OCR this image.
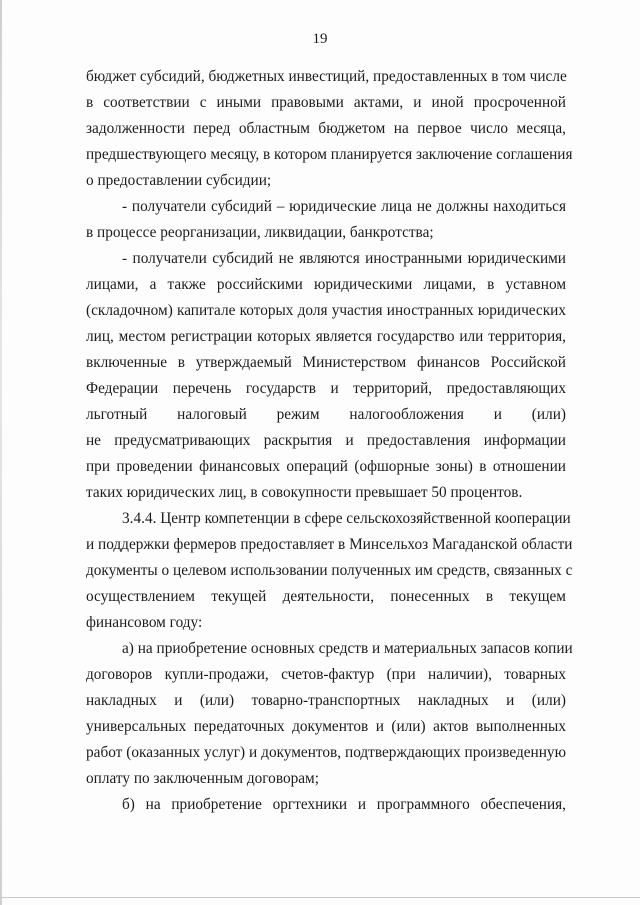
19
бюджет субсидий, бюджетных инвестиций, предоставленных в том числе
в соответствии с иными правовыми актами, и иной просроченной
задолженности перед областным бюджетом на первое число месяца,
предшествующего месяцу, в котором планируется заключение соглашения
о предоставлении субсидии;
- получатели субсидий – юридические лица не должны находиться
в процессе реорганизации, ликвидации, банкротства;
- получатели субсидий не являются иностранными юридическими
лицами, а также российскими юридическими лицами, в уставном
(складочном) капитале которых доля участия иностранных юридических
лиц, местом регистрации которых является государство или территория,
включенные в утверждаемый Министерством финансов Российской
Федерации перечень государств и территорий, предоставляющих
льготный налоговый режим налогообложения и (или)
не предусматривающих раскрытия и предоставления информации
при проведении финансовых операций (офшорные зоны) в отношении
таких юридических лиц, в совокупности превышает 50 процентов.
3.4.4. Центр компетенции в сфере сельскохозяйственной кооперации
и поддержки фермеров предоставляет в Минсельхоз Магаданской области
документы о целевом использовании полученных им средств, связанных с
осуществлением текущей деятельности, понесенных в текущем
финансовом году:
а) на приобретение основных средств и материальных запасов копии
договоров купли-продажи, счетов-фактур (при наличии), товарных
накладных и (или) товарно-транспортных накладных и (или)
универсальных передаточных документов и (или) актов выполненных
работ (оказанных услуг) и документов, подтверждающих произведенную
оплату по заключенным договорам;
б) на приобретение оргтехники и программного обеспечения,
